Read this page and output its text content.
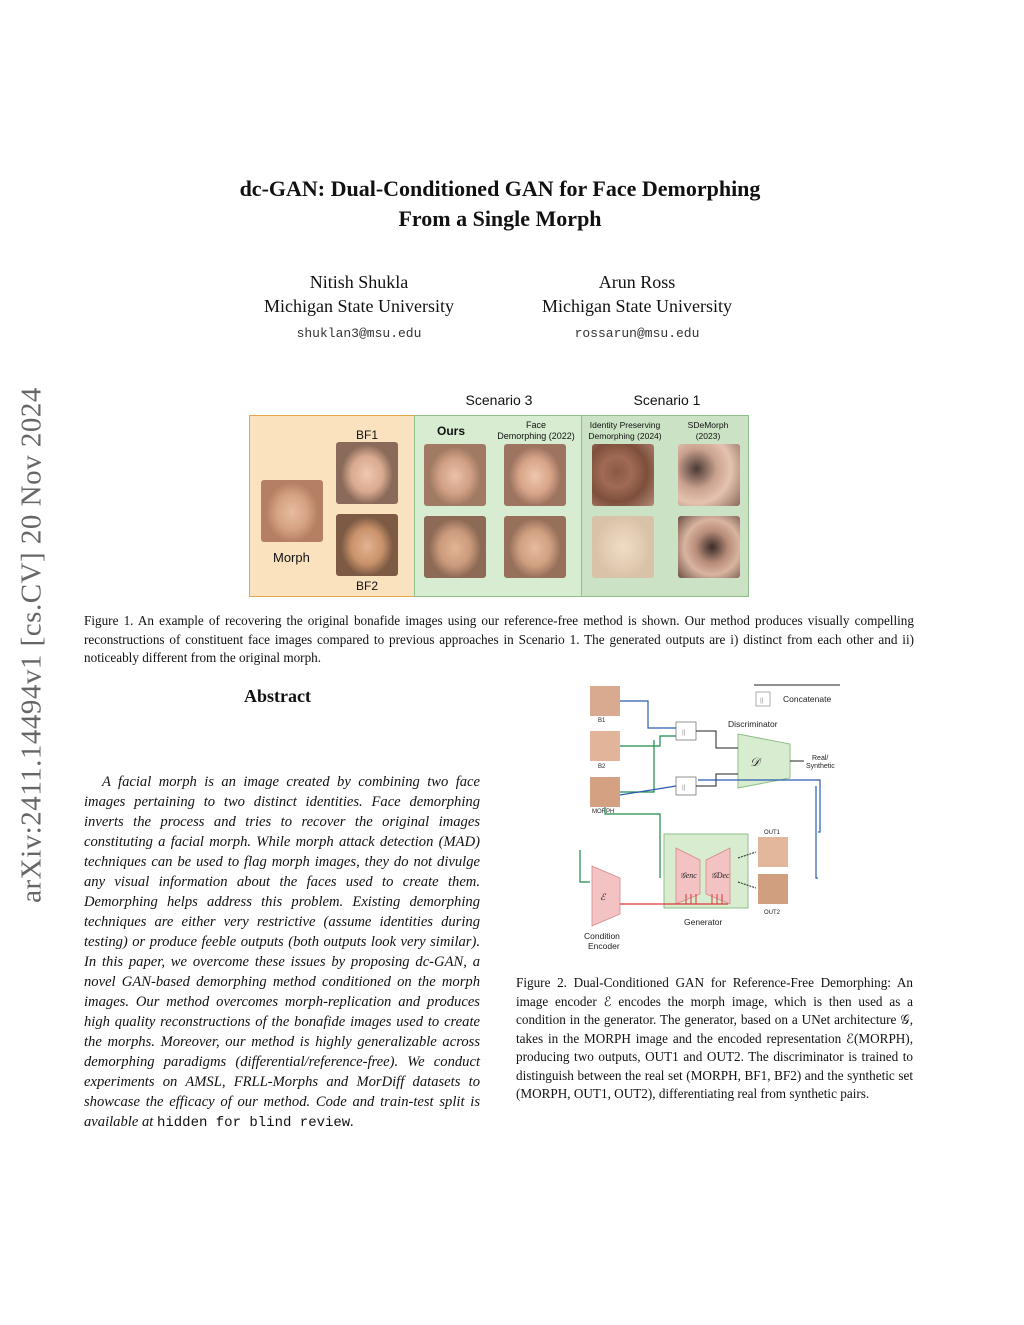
arXiv:2411.14494v1 [cs.CV] 20 Nov 2024
dc-GAN: Dual-Conditioned GAN for Face Demorphing
From a Single Morph
Nitish Shukla
Michigan State University
shuklan3@msu.edu
Arun Ross
Michigan State University
rossarun@msu.edu
Scenario 3	Scenario 1
Morph
BF1
BF2
Ours	Face
Demorphing (2022)
Identity Preserving
Demorphing (2024)
SDeMorph
(2023)
Figure 1. An example of recovering the original bonafide images using our reference-free method is shown. Our method produces visually compelling reconstructions of constituent face images compared to previous approaches in Scenario 1. The generated outputs are i) distinct from each other and ii) noticeably different from the original morph.
Abstract
A facial morph is an image created by combining two face images pertaining to two distinct identities. Face demorphing inverts the process and tries to recover the original images constituting a facial morph. While morph attack detection (MAD) techniques can be used to flag morph images, they do not divulge any visual information about the faces used to create them. Demorphing helps address this problem. Existing demorphing techniques are either very restrictive (assume identities during testing) or produce feeble outputs (both outputs look very similar). In this paper, we overcome these issues by proposing dc-GAN, a novel GAN-based demorphing method conditioned on the morph images. Our method overcomes morph-replication and produces high quality reconstructions of the bonafide images used to create the morphs. Moreover, our method is highly generalizable across demorphing paradigms (differential/reference-free). We conduct experiments on AMSL, FRLL-Morphs and MorDiff datasets to showcase the efficacy of our method. Code and train-test split is available at hidden for blind review.
B1
B2
MORPH
|| Concatenate
||
||
Discriminator
𝒟	Real/
Synthetic
𝒢enc 𝒢Dec
Generator
ℰ
Condition
Encoder
OUT1
OUT2
Figure 2. Dual-Conditioned GAN for Reference-Free Demorphing: An image encoder ℰ encodes the morph image, which is then used as a condition in the generator. The generator, based on a UNet architecture 𝒢, takes in the MORPH image and the encoded representation ℰ(MORPH), producing two outputs, OUT1 and OUT2. The discriminator is trained to distinguish between the real set (MORPH, BF1, BF2) and the synthetic set (MORPH, OUT1, OUT2), differentiating real from synthetic pairs.
